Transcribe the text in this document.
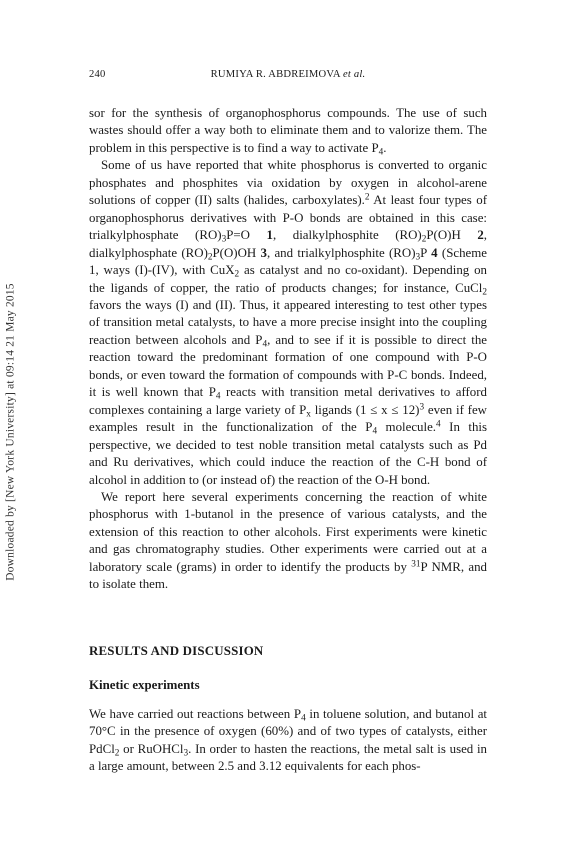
Downloaded by [New York University] at 09:14 21 May 2015
240	RUMIYA R. ABDREIMOVA et al.

sor for the synthesis of organophosphorus compounds. The use of such wastes should offer a way both to eliminate them and to valorize them. The problem in this perspective is to find a way to activate $P_4$.

Some of us have reported that white phosphorus is converted to organic phosphates and phosphites via oxidation by oxygen in alcohol-arene solutions of copper (II) salts (halides, carboxylates).$^2$ At least four types of organophosphorus derivatives with P-O bonds are obtained in this case: trialkylphosphate $(RO)_3P=O$ 1, dialkylphosphite $(RO)_2P(O)H$ 2, dialkylphosphate $(RO)_2P(O)OH$ 3, and trialkylphosphite $(RO)_3P$ 4 (Scheme 1, ways (I)-(IV), with CuX$_2$ as catalyst and no co-oxidant). Depending on the ligands of copper, the ratio of products changes; for instance, CuCl$_2$ favors the ways (I) and (II). Thus, it appeared interesting to test other types of transition metal catalysts, to have a more precise insight into the coupling reaction between alcohols and $P_4$, and to see if it is possible to direct the reaction toward the predominant formation of one compound with P-O bonds, or even toward the formation of compounds with P-C bonds. Indeed, it is well known that $P_4$ reacts with transition metal derivatives to afford complexes containing a large variety of $P_x$ ligands (1 ≤ x ≤ 12)$^3$ even if few examples result in the functionalization of the $P_4$ molecule.$^4$ In this perspective, we decided to test noble transition metal catalysts such as Pd and Ru derivatives, which could induce the reaction of the C-H bond of alcohol in addition to (or instead of) the reaction of the O-H bond.

We report here several experiments concerning the reaction of white phosphorus with 1-butanol in the presence of various catalysts, and the extension of this reaction to other alcohols. First experiments were kinetic and gas chromatography studies. Other experiments were carried out at a laboratory scale (grams) in order to identify the products by $^{31}$P NMR, and to isolate them.

RESULTS AND DISCUSSION
Kinetic experiments

We have carried out reactions between $P_4$ in toluene solution, and butanol at 70°C in the presence of oxygen (60%) and of two types of catalysts, either PdCl$_2$ or RuOHCl$_3$. In order to hasten the reactions, the metal salt is used in a large amount, between 2.5 and 3.12 equivalents for each phos-
